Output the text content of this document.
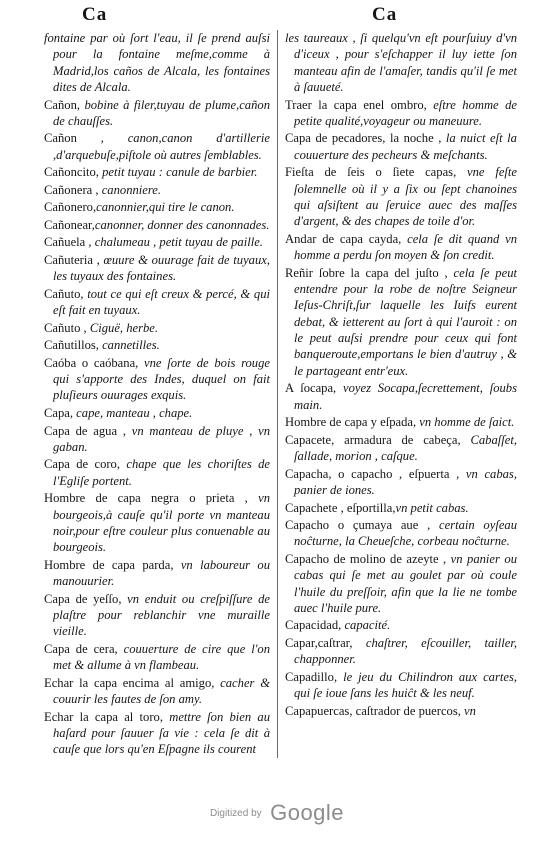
Ca	Ca

fontaine par où ſort l'eau, il ſe prend auſsi pour la fontaine meſme,comme à Madrid,los caños de Alcala, les fontaines dites de Alcala.

Cañon, bobine à filer,tuyau de plume,cañon de chauſſes.

Cañon , canon,canon d'artillerie ,d'arquebuſe,piſtole où autres ſemblables.

Cañoncito, petit tuyau : canule de barbier.

Cañonera , canonniere.

Cañonero,canonnier,qui tire le canon.

Cañonear,canonner, donner des canonnades.

Cañuela , chalumeau , petit tuyau de paille.

Cañuteria , œuure & ouurage fait de tuyaux, les tuyaux des fontaines.

Cañuto, tout ce qui eſt creux & percé, & qui eſt fait en tuyaux.

Cañuto , Ciguë, herbe.

Cañutillos, cannetilles.

Caóba o caóbana, vne ſorte de bois rouge qui s'apporte des Indes, duquel on fait pluſieurs ouurages exquis.

Capa, cape, manteau , chape.

Capa de agua , vn manteau de pluye , vn gaban.

Capa de coro, chape que les choriſtes de l'Egliſe portent.

Hombre de capa negra o prieta , vn bourgeois,à cauſe qu'il porte vn manteau noir,pour eſtre couleur plus conuenable au bourgeois.

Hombre de capa parda, vn laboureur ou manouurier.

Capa de yeſſo, vn enduit ou creſpiſſure de plaſtre pour reblanchir vne muraille vieille.

Capa de cera, couuerture de cire que l'on met & allume à vn flambeau.

Echar la capa encima al amigo, cacher & couurir les fautes de ſon amy.

Echar la capa al toro, mettre ſon bien au haſard pour ſauuer ſa vie : cela ſe dit à cauſe que lors qu'en Eſpagne ils courent

les taureaux , ſi quelqu'vn eſt pourſuiuy d'vn d'iceux , pour s'eſchapper il luy iette ſon manteau afin de l'amaſer, tandis qu'il ſe met à ſauueté.

Traer la capa enel ombro, eſtre homme de petite qualité,voyageur ou maneuure.

Capa de pecadores, la noche , la nuict eſt la couuerture des pecheurs & meſchants.

Fieſta de ſeis o ſiete capas, vne feſte ſolemnelle où il y a ſix ou ſept chanoines qui aſsiſtent au ſeruice auec des maſſes d'argent, & des chapes de toile d'or.

Andar de capa cayda, cela ſe dit quand vn homme a perdu ſon moyen & ſon credit.

Reñir ſobre la capa del juſto , cela ſe peut entendre pour la robe de noſtre Seigneur Ieſus-Chriſt,ſur laquelle les Iuifs eurent debat, & ietterent au ſort à qui l'auroit : on le peut auſsi prendre pour ceux qui font banqueroute,emportans le bien d'autruy , & le partageant entr'eux.

A ſocapa, voyez Socapa,ſecrettement, ſoubs main.

Hombre de capa y eſpada, vn homme de ſaict.

Capacete, armadura de cabeça, Cabaſſet, ſallade, morion , caſque.

Capacha, o capacho , eſpuerta , vn cabas, panier de iones.

Capachete , eſportilla,vn petit cabas.

Capacho o çumaya aue , certain oyſeau noĉturne, la Cheueſche, corbeau noĉturne.

Capacho de molino de azeyte , vn panier ou cabas qui ſe met au goulet par où coule l'huile du preſſoir, afin que la lie ne tombe auec l'huile pure.

Capacidad, capacité.

Capar,caſtrar, chaſtrer, eſcouiller, tailler, chapponner.

Capadillo, le jeu du Chilindron aux cartes, qui ſe ioue ſans les huiĉt & les neuf.

Capapuercas, caſtrador de puercos, vn

Digitized by Google
